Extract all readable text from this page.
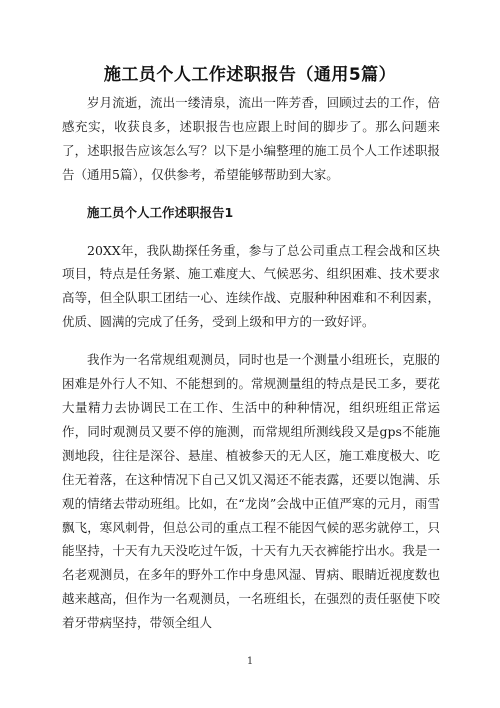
施工员个人工作述职报告（通用5篇）

岁月流逝，流出一缕清泉，流出一阵芳香，回顾过去的工作，倍感充实，收获良多，述职报告也应跟上时间的脚步了。那么问题来了，述职报告应该怎么写？以下是小编整理的施工员个人工作述职报告（通用5篇），仅供参考，希望能够帮助到大家。

施工员个人工作述职报告1

20XX年，我队勘探任务重，参与了总公司重点工程会战和区块项目，特点是任务紧、施工难度大、气候恶劣、组织困难、技术要求高等，但全队职工团结一心、连续作战、克服种种困难和不利因素，优质、圆满的完成了任务，受到上级和甲方的一致好评。

我作为一名常规组观测员，同时也是一个测量小组班长，克服的困难是外行人不知、不能想到的。常规测量组的特点是民工多，要花大量精力去协调民工在工作、生活中的种种情况，组织班组正常运作，同时观测员又要不停的施测，而常规组所测线段又是gps不能施测地段，往往是深谷、悬崖、植被参天的无人区，施工难度极大、吃住无着落，在这种情况下自己又饥又渴还不能表露，还要以饱满、乐观的情绪去带动班组。比如，在“龙岗”会战中正值严寒的元月，雨雪飘飞，寒风刺骨，但总公司的重点工程不能因气候的恶劣就停工，只能坚持，十天有九天没吃过午饭，十天有九天衣裤能拧出水。我是一名老观测员，在多年的野外工作中身患风湿、胃病、眼睛近视度数也越来越高，但作为一名观测员，一名班组长，在强烈的责任驱使下咬着牙带病坚持，带领全组人

1
